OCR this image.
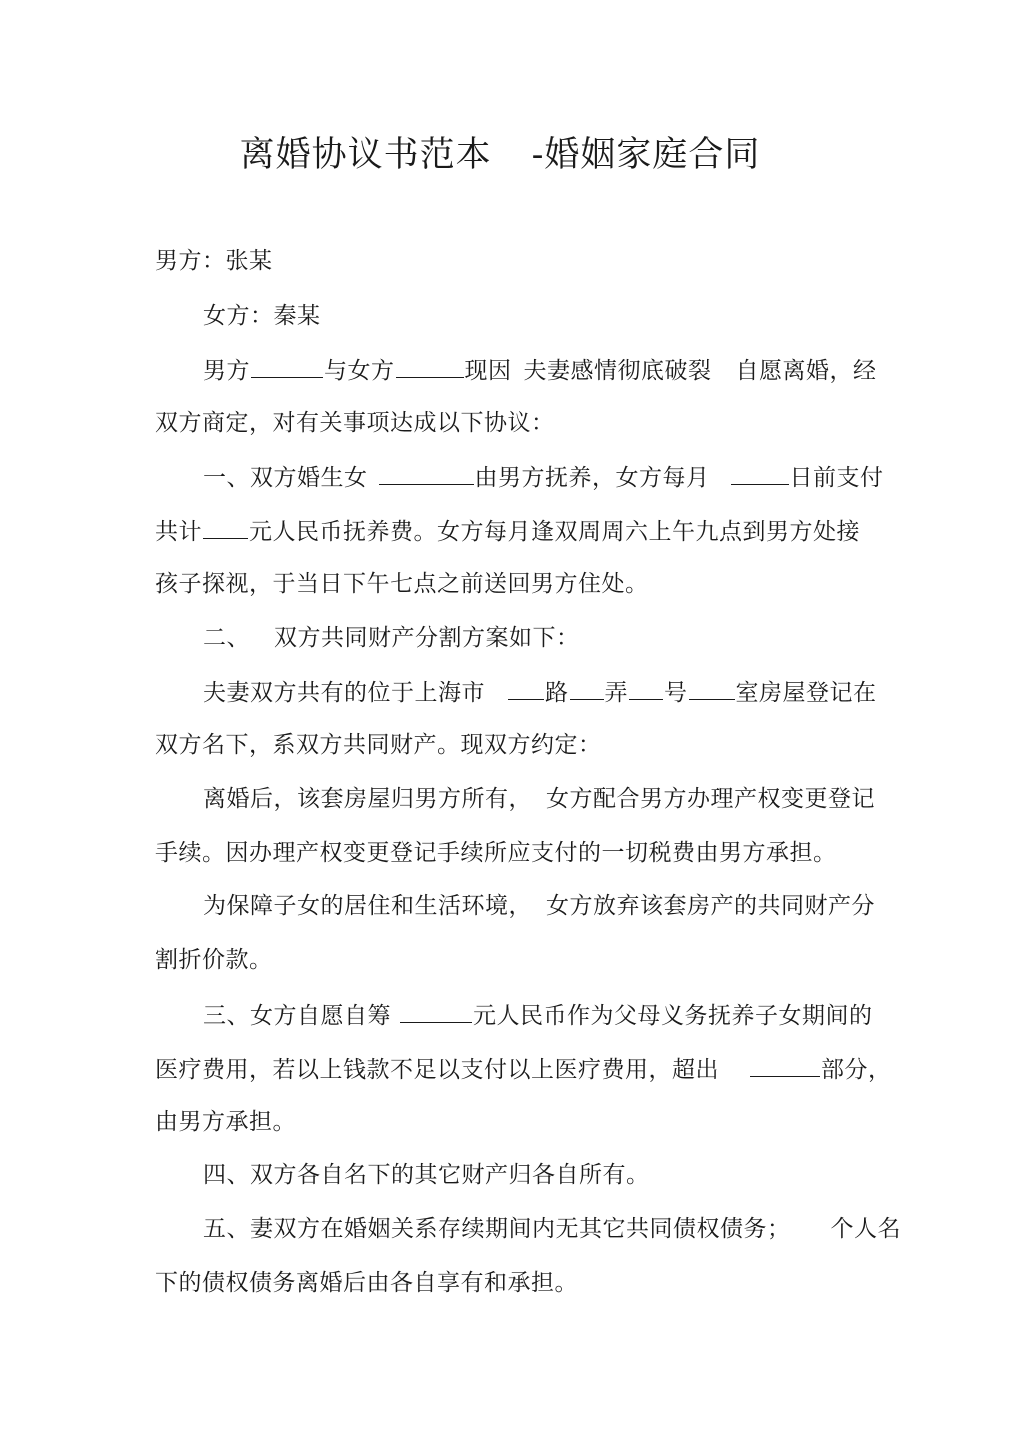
离婚协议书范本 -婚姻家庭合同
男方：张某
女方：秦某
男方	与女方	现因 夫妻感情彻底破裂 自愿离婚，经
双方商定，对有关事项达成以下协议：
一、双方婚生女	由男方抚养，女方每月	日前支付
共计 元人民币抚养费。女方每月逢双周周六上午九点到男方处接
孩子探视，于当日下午七点之前送回男方住处。
二、 双方共同财产分割方案如下：
夫妻双方共有的位于上海市	路 弄 号 室房屋登记在
双方名下，系双方共同财产。现双方约定：
离婚后，该套房屋归男方所有， 女方配合男方办理产权变更登记
手续。因办理产权变更登记手续所应支付的一切税费由男方承担。
为保障子女的居住和生活环境， 女方放弃该套房产的共同财产分
割折价款。
三、女方自愿自筹	元人民币作为父母义务抚养子女期间的
医疗费用，若以上钱款不足以支付以上医疗费用，超出	部分，
由男方承担。
四、双方各自名下的其它财产归各自所有。
五、妻双方在婚姻关系存续期间内无其它共同债权债务； 个人名
下的债权债务离婚后由各自享有和承担。
